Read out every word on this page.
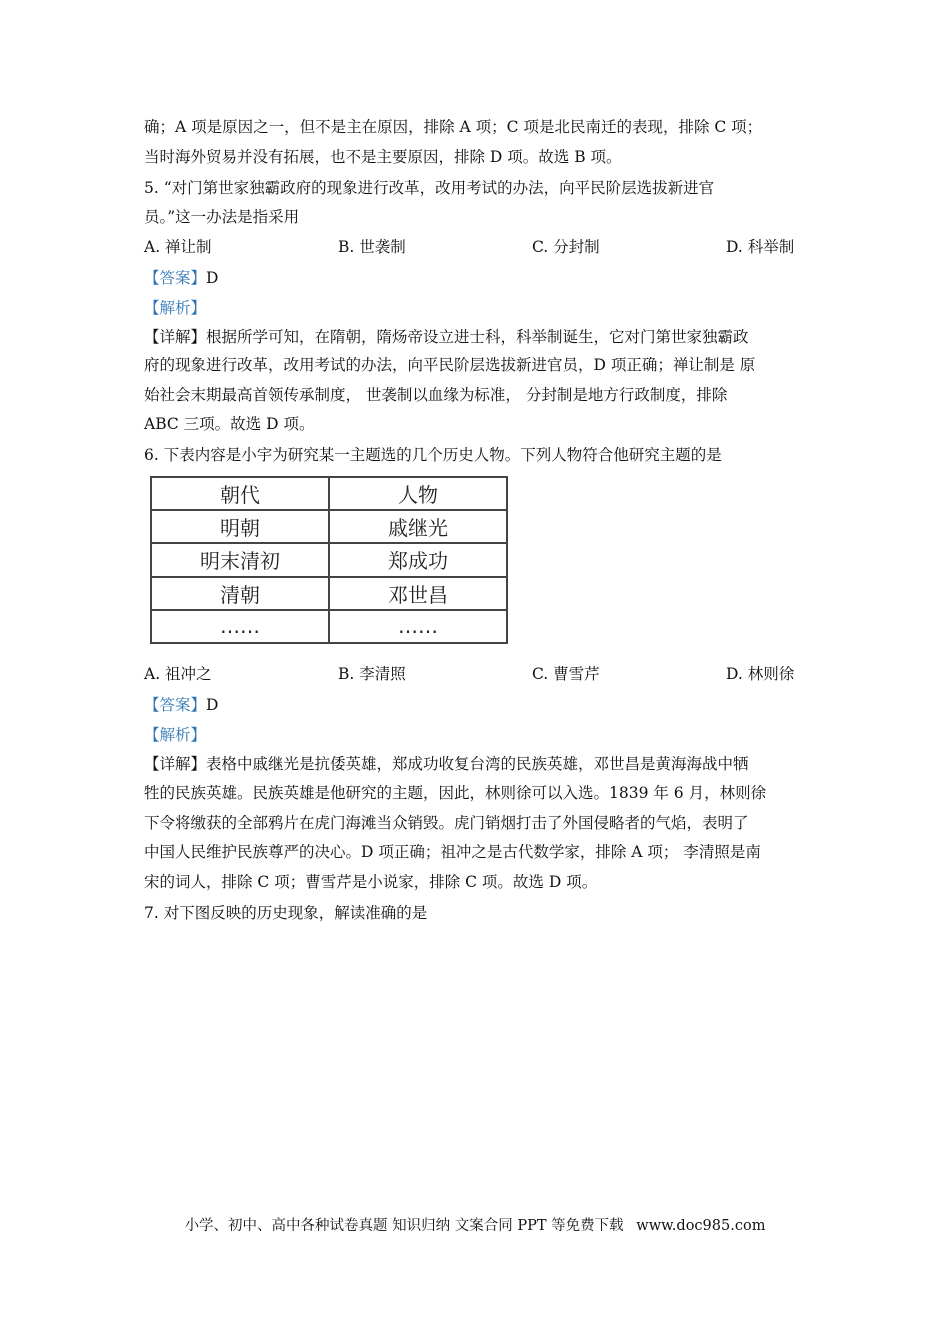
确；A 项是原因之一，但不是主在原因，排除 A 项；C 项是北民南迁的表现，排除 C 项；
当时海外贸易并没有拓展，也不是主要原因，排除 D 项。故选 B 项。
5. “对门第世家独霸政府的现象进行改革，改用考试的办法，向平民阶层选拔新进官
员。”这一办法是指采用
A. 禅让制	B. 世袭制	C. 分封制	D. 科举制
【答案】D
【解析】
【详解】根据所学可知，在隋朝，隋炀帝设立进士科，科举制诞生，它对门第世家独霸政
府的现象进行改革，改用考试的办法，向平民阶层选拔新进官员，D 项正确；禅让制是 原
始社会末期最高首领传承制度， 世袭制以血缘为标准， 分封制是地方行政制度，排除
ABC 三项。故选 D 项。
6. 下表内容是小宇为研究某一主题选的几个历史人物。下列人物符合他研究主题的是
朝代	人物
明朝	戚继光
明末清初	郑成功
清朝	邓世昌
……	……
A. 祖冲之	B. 李清照	C. 曹雪芹	D. 林则徐
【答案】D
【解析】
【详解】表格中戚继光是抗倭英雄，郑成功收复台湾的民族英雄，邓世昌是黄海海战中牺
牲的民族英雄。民族英雄是他研究的主题，因此，林则徐可以入选。1839 年 6 月，林则徐
下令将缴获的全部鸦片在虎门海滩当众销毁。虎门销烟打击了外国侵略者的气焰，表明了
中国人民维护民族尊严的决心。D 项正确；祖冲之是古代数学家，排除 A 项； 李清照是南
宋的词人，排除 C 项；曹雪芹是小说家，排除 C 项。故选 D 项。
7. 对下图反映的历史现象，解读准确的是
小学、初中、高中各种试卷真题 知识归纳 文案合同 PPT 等免费下载 www.doc985.com
